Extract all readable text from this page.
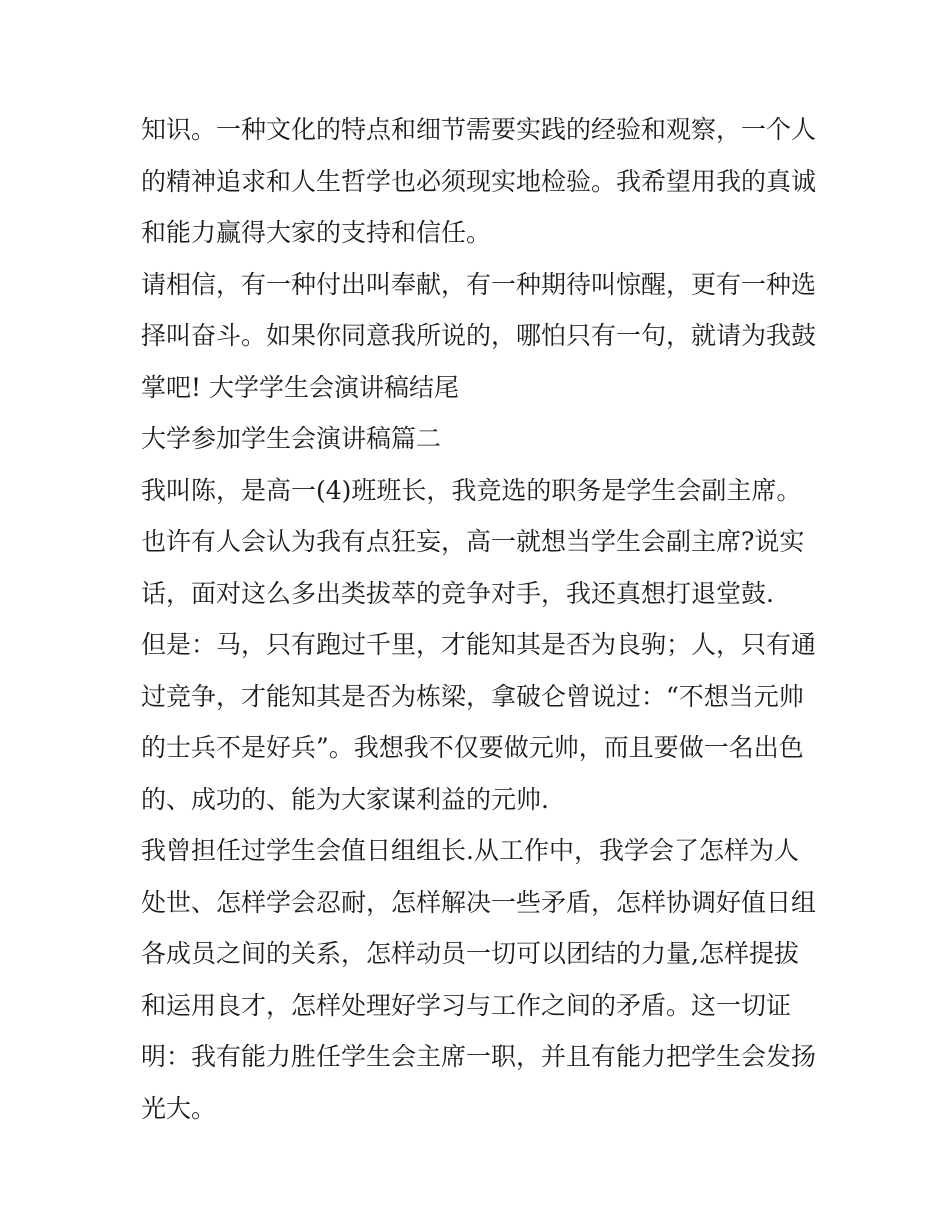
知识。一种文化的特点和细节需要实践的经验和观察，一个人
的精神追求和人生哲学也必须现实地检验。我希望用我的真诚
和能力赢得大家的支持和信任。
请相信，有一种付出叫奉献，有一种期待叫惊醒，更有一种选
择叫奋斗。如果你同意我所说的，哪怕只有一句，就请为我鼓
掌吧! 大学学生会演讲稿结尾
大学参加学生会演讲稿篇二
我叫陈，是高一(4)班班长，我竞选的职务是学生会副主席。
也许有人会认为我有点狂妄，高一就想当学生会副主席?说实
话，面对这么多出类拔萃的竞争对手，我还真想打退堂鼓.
但是：马，只有跑过千里，才能知其是否为良驹；人，只有通
过竞争，才能知其是否为栋梁，拿破仑曾说过：“不想当元帅
的士兵不是好兵”。我想我不仅要做元帅，而且要做一名出色
的、成功的、能为大家谋利益的元帅.
我曾担任过学生会值日组组长.从工作中，我学会了怎样为人
处世、怎样学会忍耐，怎样解决一些矛盾，怎样协调好值日组
各成员之间的关系，怎样动员一切可以团结的力量,怎样提拔
和运用良才，怎样处理好学习与工作之间的矛盾。这一切证
明：我有能力胜任学生会主席一职，并且有能力把学生会发扬
光大。
